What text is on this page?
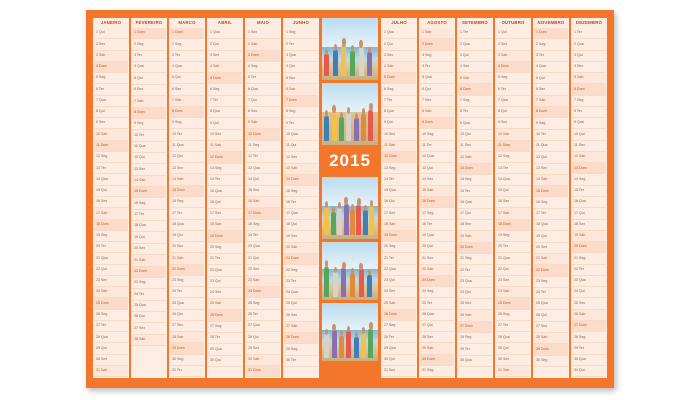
JANEIRO
1 Qui
2 Sex
3 Sab
4 Dom
5 Seg
6 Ter
7 Qua
8 Qui
9 Sex
10 Sab
11 Dom
12 Seg
13 Ter
14 Qua
15 Qui
16 Sex
17 Sab
18 Dom
19 Seg
20 Ter
21 Qua
22 Qui
23 Sex
24 Sab
25 Dom
26 Seg
27 Ter
28 Qua
29 Qui
30 Sex
31 Sab
FEVEREIRO
1 Dom
2 Seg
3 Ter
4 Qua
5 Qui
6 Sex
7 Sab
8 Dom
9 Seg
10 Ter
11 Qua
12 Qui
13 Sex
14 Sab
15 Dom
16 Seg
17 Ter
18 Qua
19 Qui
20 Sex
21 Sab
22 Dom
23 Seg
24 Ter
25 Qua
26 Qui
27 Sex
28 Sab
MARCO
1 Dom
2 Seg
3 Ter
4 Qua
5 Qui
6 Sex
7 Sab
8 Dom
9 Seg
10 Ter
11 Qua
12 Qui
13 Sex
14 Sab
15 Dom
16 Seg
17 Ter
18 Qua
19 Qui
20 Sex
21 Sab
22 Dom
23 Seg
24 Ter
25 Qua
26 Qui
27 Sex
28 Sab
29 Dom
30 Seg
31 Ter
ABRIL
1 Qua
2 Qui
3 Sex
4 Sab
5 Dom
6 Seg
7 Ter
8 Qua
9 Qui
10 Sex
11 Sab
12 Dom
13 Seg
14 Ter
15 Qua
16 Qui
17 Sex
18 Sab
19 Dom
20 Seg
21 Ter
22 Qua
23 Qui
24 Sex
25 Sab
26 Dom
27 Seg
28 Ter
29 Qua
30 Qui
MAIO
1 Sex
2 Sab
3 Dom
4 Seg
5 Ter
6 Qua
7 Qui
8 Sex
9 Sab
10 Dom
11 Seg
12 Ter
13 Qua
14 Qui
15 Sex
16 Sab
17 Dom
18 Seg
19 Ter
20 Qua
21 Qui
22 Sex
23 Sab
24 Dom
25 Seg
26 Ter
27 Qua
28 Qui
29 Sex
30 Sab
31 Dom
JUNHO
1 Seg
2 Ter
3 Qua
4 Qui
5 Sex
6 Sab
7 Dom
8 Seg
9 Ter
10 Qua
11 Qui
12 Sex
13 Sab
14 Dom
15 Seg
16 Ter
17 Qua
18 Qui
19 Sex
20 Sab
21 Dom
22 Seg
23 Ter
24 Qua
25 Qui
26 Sex
27 Sab
28 Dom
29 Seg
30 Ter
2015
JULHO
1 Qua
2 Qui
3 Sex
4 Sab
5 Dom
6 Seg
7 Ter
8 Qua
9 Qui
10 Sex
11 Sab
12 Dom
13 Seg
14 Ter
15 Qua
16 Qui
17 Sex
18 Sab
19 Dom
20 Seg
21 Ter
22 Qua
23 Qui
24 Sex
25 Sab
26 Dom
27 Seg
28 Ter
29 Qua
30 Qui
31 Sex
AGOSTO
1 Sab
2 Dom
3 Seg
4 Ter
5 Qua
6 Qui
7 Sex
8 Sab
9 Dom
10 Seg
11 Ter
12 Qua
13 Qui
14 Sex
15 Sab
16 Dom
17 Seg
18 Ter
19 Qua
20 Qui
21 Sex
22 Sab
23 Dom
24 Seg
25 Ter
26 Qua
27 Qui
28 Sex
29 Sab
30 Dom
31 Seg
SETEMBRO
1 Ter
2 Qua
3 Qui
4 Sex
5 Sab
6 Dom
7 Seg
8 Ter
9 Qua
10 Qui
11 Sex
12 Sab
13 Dom
14 Seg
15 Ter
16 Qua
17 Qui
18 Sex
19 Sab
20 Dom
21 Seg
22 Ter
23 Qua
24 Qui
25 Sex
26 Sab
27 Dom
28 Seg
29 Ter
30 Qua
OUTUBRO
1 Qui
2 Sex
3 Sab
4 Dom
5 Seg
6 Ter
7 Qua
8 Qui
9 Sex
10 Sab
11 Dom
12 Seg
13 Ter
14 Qua
15 Qui
16 Sex
17 Sab
18 Dom
19 Seg
20 Ter
21 Qua
22 Qui
23 Sex
24 Sab
25 Dom
26 Seg
27 Ter
28 Qua
29 Qui
30 Sex
31 Sab
NOVEMBRO
1 Dom
2 Seg
3 Ter
4 Qua
5 Qui
6 Sex
7 Sab
8 Dom
9 Seg
10 Ter
11 Qua
12 Qui
13 Sex
14 Sab
15 Dom
16 Seg
17 Ter
18 Qua
19 Qui
20 Sex
21 Sab
22 Dom
23 Seg
24 Ter
25 Qua
26 Qui
27 Sex
28 Sab
29 Dom
30 Seg
DEZEMBRO
1 Ter
2 Qua
3 Qui
4 Sex
5 Sab
6 Dom
7 Seg
8 Ter
9 Qua
10 Qui
11 Sex
12 Sab
13 Dom
14 Seg
15 Ter
16 Qua
17 Qui
18 Sex
19 Sab
20 Dom
21 Seg
22 Ter
23 Qua
24 Qui
25 Sex
26 Sab
27 Dom
28 Seg
29 Ter
30 Qua
31 Qui
